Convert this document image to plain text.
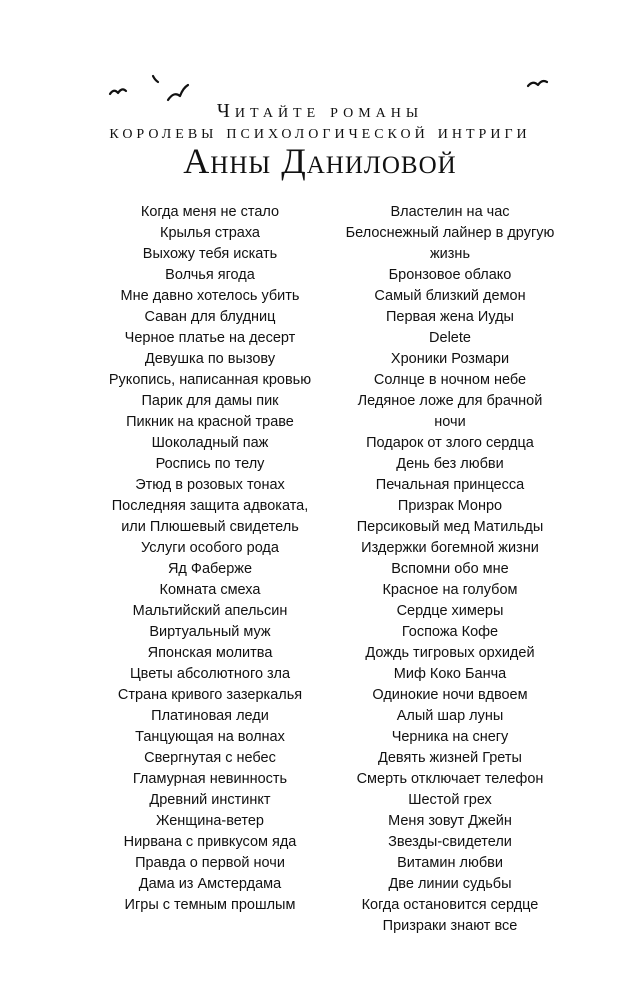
Читайте романы
королевы психологической интриги
Анны Даниловой
Когда меня не стало
Крылья страха
Выхожу тебя искать
Волчья ягода
Мне давно хотелось убить
Саван для блудниц
Черное платье на десерт
Девушка по вызову
Рукопись, написанная кровью
Парик для дамы пик
Пикник на красной траве
Шоколадный паж
Роспись по телу
Этюд в розовых тонах
Последняя защита адвоката,
или Плюшевый свидетель
Услуги особого рода
Яд Фаберже
Комната смеха
Мальтийский апельсин
Виртуальный муж
Японская молитва
Цветы абсолютного зла
Страна кривого зазеркалья
Платиновая леди
Танцующая на волнах
Свергнутая с небес
Гламурная невинность
Древний инстинкт
Женщина-ветер
Нирвана с привкусом яда
Правда о первой ночи
Дама из Амстердама
Игры с темным прошлым
Властелин на час
Белоснежный лайнер в другую
жизнь
Бронзовое облако
Самый близкий демон
Первая жена Иуды
Delete
Хроники Розмари
Солнце в ночном небе
Ледяное ложе для брачной
ночи
Подарок от злого сердца
День без любви
Печальная принцесса
Призрак Монро
Персиковый мед Матильды
Издержки богемной жизни
Вспомни обо мне
Красное на голубом
Сердце химеры
Госпожа Кофе
Дождь тигровых орхидей
Миф Коко Банча
Одинокие ночи вдвоем
Алый шар луны
Черника на снегу
Девять жизней Греты
Смерть отключает телефон
Шестой грех
Меня зовут Джейн
Звезды-свидетели
Витамин любви
Две линии судьбы
Когда остановится сердце
Призраки знают все
